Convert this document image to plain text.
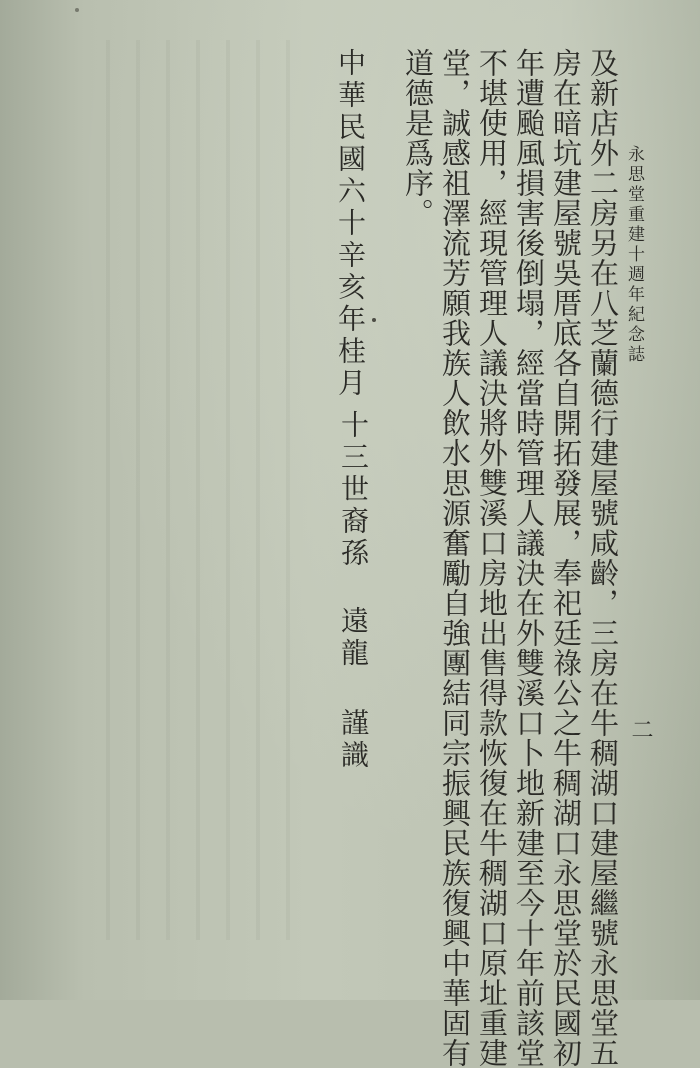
永思堂重建十週年紀念誌
二
及新店外二房另在八芝蘭德行建屋號咸齡，三房在牛稠湖口建屋繼號永思堂五
房在暗坑建屋號吳厝底各自開拓發展，奉祀廷祿公之牛稠湖口永思堂於民國初
年遭颱風損害後倒塌，經當時管理人議決在外雙溪口卜地新建至今十年前該堂
不堪使用，經現管理人議決將外雙溪口房地出售得款恢復在牛稠湖口原址重建
堂，誠感祖澤流芳願我族人飲水思源奮勵自強團結同宗振興民族復興中華固有
道德是爲序。
中華民國六十辛亥年桂月
十三世裔孫
遠龍
謹識
